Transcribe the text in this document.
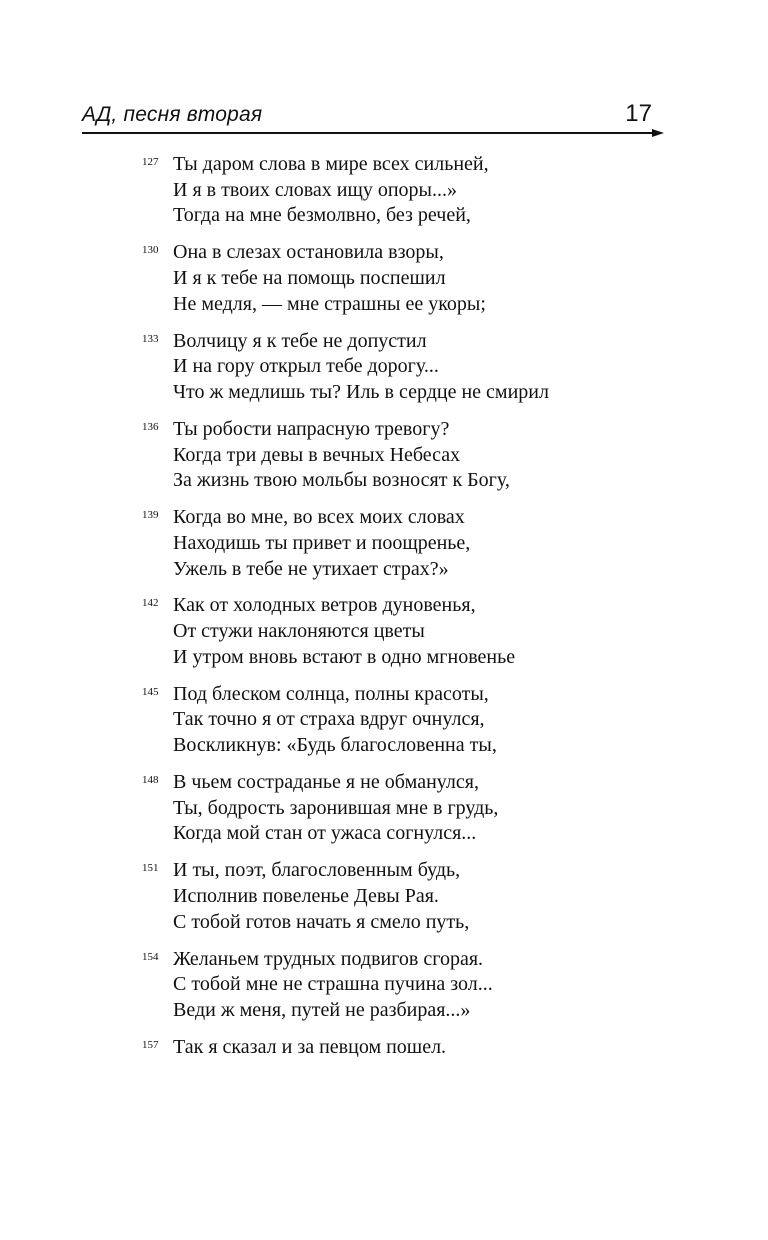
АД, песня вторая	17
127 Ты даром слова в мире всех сильней,
И я в твоих словах ищу опоры...»
Тогда на мне безмолвно, без речей,
130 Она в слезах остановила взоры,
И я к тебе на помощь поспешил
Не медля, — мне страшны ее укоры;
133 Волчицу я к тебе не допустил
И на гору открыл тебе дорогу...
Что ж медлишь ты? Иль в сердце не смирил
136 Ты робости напрасную тревогу?
Когда три девы в вечных Небесах
За жизнь твою мольбы возносят к Богу,
139 Когда во мне, во всех моих словах
Находишь ты привет и поощренье,
Ужель в тебе не утихает страх?»
142 Как от холодных ветров дуновенья,
От стужи наклоняются цветы
И утром вновь встают в одно мгновенье
145 Под блеском солнца, полны красоты,
Так точно я от страха вдруг очнулся,
Воскликнув: «Будь благословенна ты,
148 В чьем состраданье я не обманулся,
Ты, бодрость заронившая мне в грудь,
Когда мой стан от ужаса согнулся...
151 И ты, поэт, благословенным будь,
Исполнив повеленье Девы Рая.
С тобой готов начать я смело путь,
154 Желаньем трудных подвигов сгорая.
С тобой мне не страшна пучина зол...
Веди ж меня, путей не разбирая...»
157 Так я сказал и за певцом пошел.
